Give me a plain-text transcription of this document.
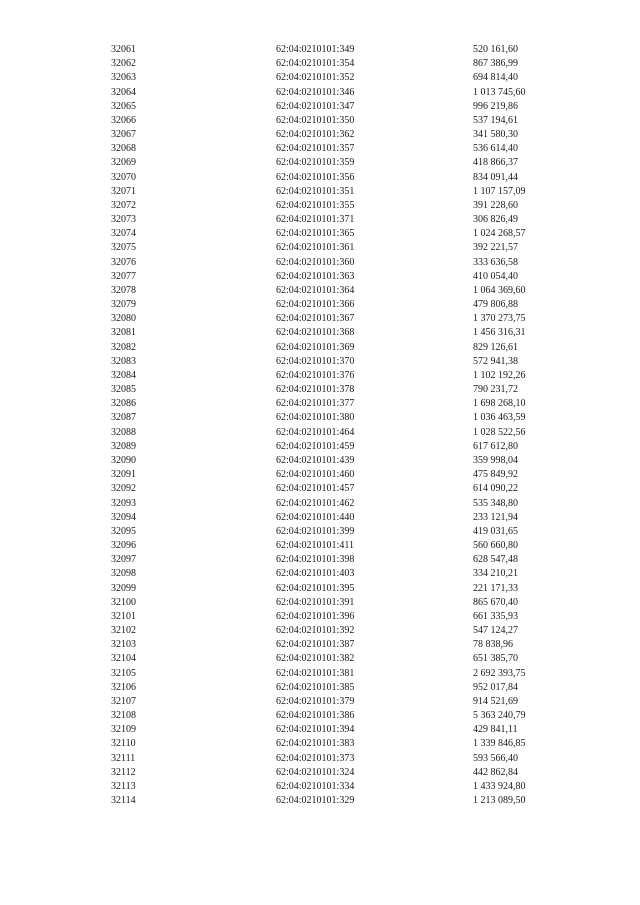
32061	62:04:0210101:349	520 161,60
32062	62:04:0210101:354	867 386,99
32063	62:04:0210101:352	694 814,40
32064	62:04:0210101:346	1 013 745,60
32065	62:04:0210101:347	996 219,86
32066	62:04:0210101:350	537 194,61
32067	62:04:0210101:362	341 580,30
32068	62:04:0210101:357	536 614,40
32069	62:04:0210101:359	418 866,37
32070	62:04:0210101:356	834 091,44
32071	62:04:0210101:351	1 107 157,09
32072	62:04:0210101:355	391 228,60
32073	62:04:0210101:371	306 826,49
32074	62:04:0210101:365	1 024 268,57
32075	62:04:0210101:361	392 221,57
32076	62:04:0210101:360	333 636,58
32077	62:04:0210101:363	410 054,40
32078	62:04:0210101:364	1 064 369,60
32079	62:04:0210101:366	479 806,88
32080	62:04:0210101:367	1 370 273,75
32081	62:04:0210101:368	1 456 316,31
32082	62:04:0210101:369	829 126,61
32083	62:04:0210101:370	572 941,38
32084	62:04:0210101:376	1 102 192,26
32085	62:04:0210101:378	790 231,72
32086	62:04:0210101:377	1 698 268,10
32087	62:04:0210101:380	1 036 463,59
32088	62:04:0210101:464	1 028 522,56
32089	62:04:0210101:459	617 612,80
32090	62:04:0210101:439	359 998,04
32091	62:04:0210101:460	475 849,92
32092	62:04:0210101:457	614 090,22
32093	62:04:0210101:462	535 348,80
32094	62:04:0210101:440	233 121,94
32095	62:04:0210101:399	419 031,65
32096	62:04:0210101:411	560 660,80
32097	62:04:0210101:398	628 547,48
32098	62:04:0210101:403	334 210,21
32099	62:04:0210101:395	221 171,33
32100	62:04:0210101:391	865 670,40
32101	62:04:0210101:396	661 335,93
32102	62:04:0210101:392	547 124,27
32103	62:04:0210101:387	78 838,96
32104	62:04:0210101:382	651 385,70
32105	62:04:0210101:381	2 692 393,75
32106	62:04:0210101:385	952 017,84
32107	62:04:0210101:379	914 521,69
32108	62:04:0210101:386	5 363 240,79
32109	62:04:0210101:394	429 841,11
32110	62:04:0210101:383	1 339 846,85
32111	62:04:0210101:373	593 566,40
32112	62:04:0210101:324	442 862,84
32113	62:04:0210101:334	1 433 924,80
32114	62:04:0210101:329	1 213 089,50
